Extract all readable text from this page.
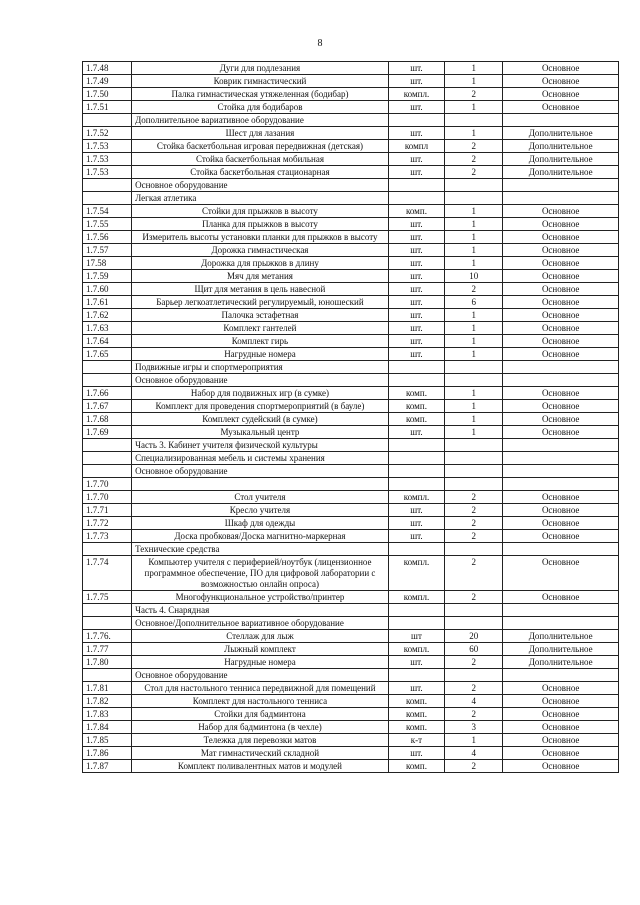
8
1.7.48	Дуги для подлезания	шт.	1	Основное
1.7.49	Коврик гимнастический	шт.	1	Основное
1.7.50	Палка гимнастическая утяжеленная (бодибар)	компл.	2	Основное
1.7.51	Стойка для бодибаров	шт.	1	Основное
	Дополнительное вариативное оборудование			
1.7.52	Шест для лазания	шт.	1	Дополнительное
1.7.53	Стойка баскетбольная игровая передвижная (детская)	компл	2	Дополнительное
1.7.53	Стойка баскетбольная мобильная	шт.	2	Дополнительное
1.7.53	Стойка баскетбольная стационарная	шт.	2	Дополнительное
	Основное оборудование			
	Легкая атлетика			
1.7.54	Стойки для прыжков в высоту	комп.	1	Основное
1.7.55	Планка для прыжков в высоту	шт.	1	Основное
1.7.56	Измеритель высоты установки планки для прыжков в высоту	шт.	1	Основное
1.7.57	Дорожка гимнастическая	шт.	1	Основное
17.58	Дорожка для прыжков в длину	шт.	1	Основное
1.7.59	Мяч для метания	шт.	10	Основное
1.7.60	Щит для метания в цель навесной	шт.	2	Основное
1.7.61	Барьер легкоатлетический регулируемый, юношеский	шт.	6	Основное
1.7.62	Палочка эстафетная	шт.	1	Основное
1.7.63	Комплект гантелей	шт.	1	Основное
1.7.64	Комплект гирь	шт.	1	Основное
1.7.65	Нагрудные номера	шт.	1	Основное
	Подвижные игры и спортмероприятия			
	Основное оборудование			
1.7.66	Набор для подвижных игр (в сумке)	комп.	1	Основное
1.7.67	Комплект для проведения спортмероприятий (в бауле)	комп.	1	Основное
1.7.68	Комплект судейский (в сумке)	комп.	1	Основное
1.7.69	Музыкальный центр	шт.	1	Основное
	Часть 3. Кабинет учителя физической культуры			
	Специализированная мебель и системы хранения			
	Основное оборудование			
1.7.70				
1.7.70	Стол учителя	компл.	2	Основное
1.7.71	Кресло учителя	шт.	2	Основное
1.7.72	Шкаф для одежды	шт.	2	Основное
1.7.73	Доска пробковая/Доска магнитно-маркерная	шт.	2	Основное
	Технические средства			
1.7.74	Компьютер учителя с периферией/ноутбук (лицензионное программное обеспечение, ПО для цифровой лаборатории с возможностью онлайн опроса)	компл.	2	Основное
1.7.75	Многофункциональное устройство/принтер	компл.	2	Основное
	Часть 4. Снарядная			
	Основное/Дополнительное вариативное оборудование			
1.7.76.	Стеллаж для лыж	шт	20	Дополнительное
1.7.77	Лыжный комплект	компл.	60	Дополнительное
1.7.80	Нагрудные номера	шт.	2	Дополнительное
	Основное оборудование			
1.7.81	Стол для настольного тенниса передвижной для помещений	шт.	2	Основное
1.7.82	Комплект для настольного тенниса	комп.	4	Основное
1.7.83	Стойки для бадминтона	комп.	2	Основное
1.7.84	Набор для бадминтона (в чехле)	комп.	3	Основное
1.7.85	Тележка для перевозки матов	к-т	1	Основное
1.7.86	Мат гимнастический складной	шт.	4	Основное
1.7.87	Комплект поливалентных матов и модулей	комп.	2	Основное
